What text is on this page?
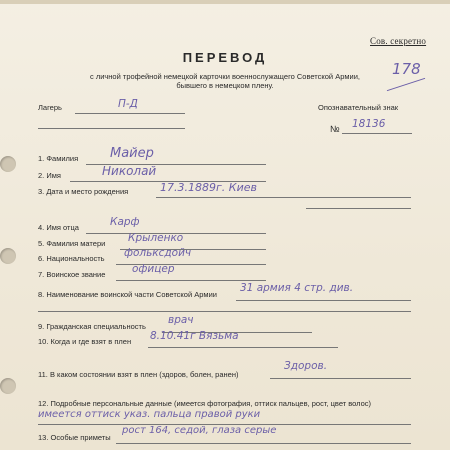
Сов. секретно
178
ПЕРЕВОД
с личной трофейной немецкой карточки военнослужащего Советской Армии,
бывшего в немецком плену.
Лагерь	П-Д	Опознавательный знак
№ 18136
1. Фамилия Майер
2. Имя	Николай
3. Дата и место рождения	17.3.1889г. Киев
4. Имя отца	Карф
5. Фамилия матери Крыленко
6. Национальность фольксдойч
7. Воинское звание	офицер
8. Наименование воинской части Советской Армии
31 армия 4 стр. див.
9. Гражданская специальность
врач
10. Когда и где взят в плен 8.10.41г Вязьма
11. В каком состоянии взят в плен (здоров, болен, ранен)
Здоров.
12. Подробные персональные данные (имеется фотография, оттиск пальцев, рост, цвет волос)
имеется оттиск указ. пальца правой руки
13. Особые приметы
рост 164, седой, глаза серые
